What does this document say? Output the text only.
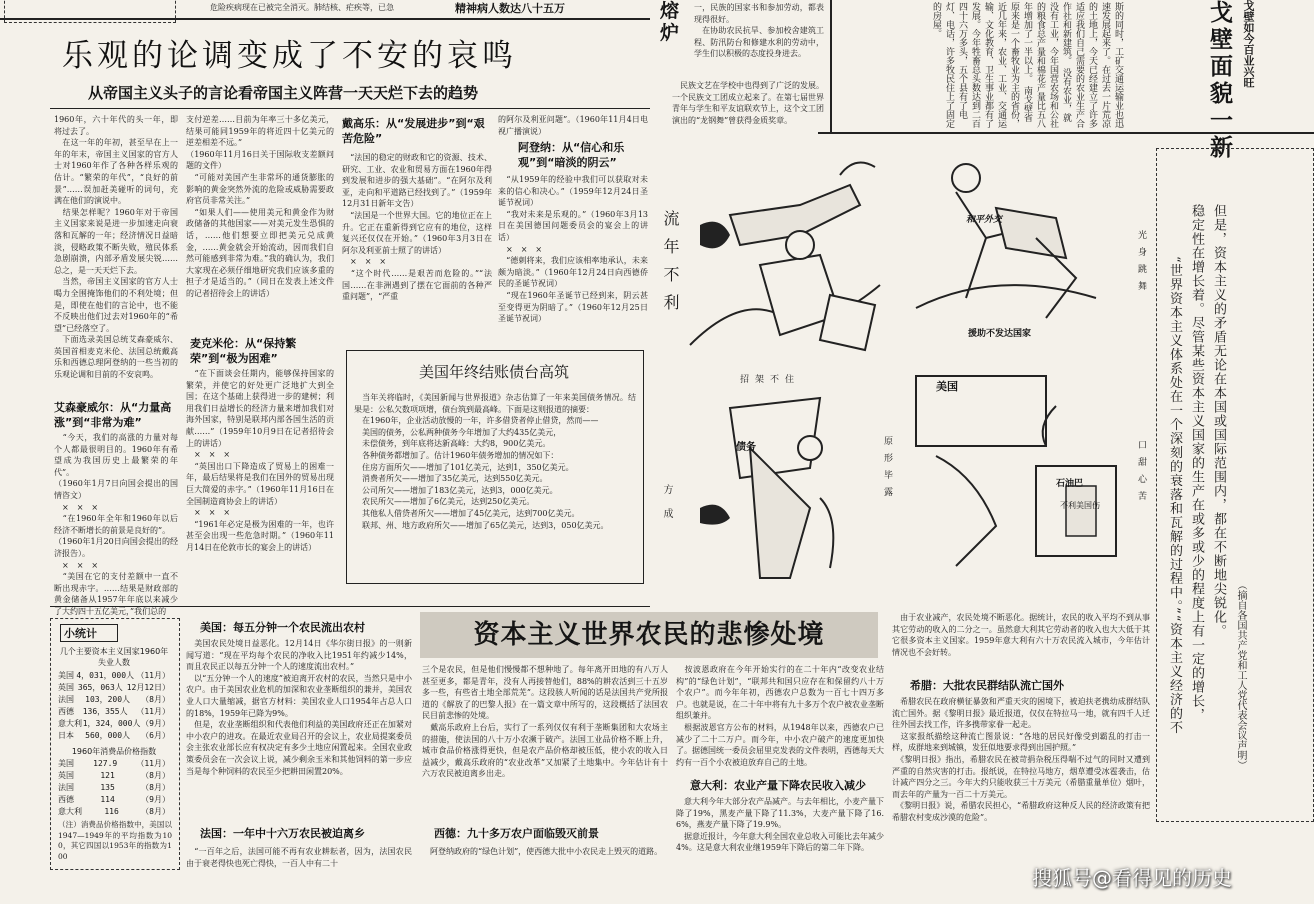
危险疾病现在已被完全消灭。肺结核、疟疾等，已急	精神病人数达八十五万
乐观的论调变成了不安的哀鸣
从帝国主义头子的言论看帝国主义阵营一天天烂下去的趋势
1960年，六十年代的头一年，即将过去了。
　在这一年的年初，甚至早在上一年的年末，帝国主义国家的官方人士对1960年作了各种各样乐观的估计。“繁荣的年代”，“良好的前景”……误加赶美碰听的词句，充满在他们的演说中。
　结果怎样呢？1960年对于帝国主义国家来说是进一步加速走向衰落和瓦解的一年；经济情况日益暗淡，侵略政策不断失败，殖民体系急剧崩溃，内部矛盾发展尖锐……总之，是一天天烂下去。
　当然，帝国主义国家的官方人士喝力全围掩饰他们的不利处境；但是，即使在他们的言论中，也不能不反映出他们过去对1960年的“希望”已经落空了。
　下面选录美国总统艾森豪威尔、英国首相麦克米伦、法国总统戴高乐和西德总理阿登纳的一些当初的乐观论调和目前的不安哀鸣。
艾森豪威尔：从“力量高涨”到“非常为难”
　“今天，我们的高涨的力量对每个人都最很明目的。1960年有希望成为我国历史上最繁荣的年代”。
（1960年1月7日向国会提出的国情咨文）
　×　×　×
　“在1960年全年和1960年以后经济不断增长的前景是良好的”。
（1960年1月20日向国会提出的经济报告）。
　×　×　×
　“美国在它的支付差额中一直不断出现赤字。……结果是财政部的黄金储备从1957年年底以来减少了大约四十五亿美元，”我们总的
支付逆差……目前为年率三十多亿美元，结果可能同1959年的将近四十亿美元的逆差相差不远。”
（1960年11月16日关于国际收支差额问题的文件）
　“可能对美国产生非常坏的通货膨胀的影响的黄金突然外流的危险或威胁需要政府官员非常关注。”
　“如果人们——使用美元和黄金作为财政储备的其他国家——对美元发生恐惧的话，……他们想要立即把美元兑成黄金，……黄金就会开始流动，因而我们自然可能感到非常为难。”我的确认为，我们大家现在必须仔细地研究我们应该多重的担子才是适当的。”（同日在发表上述文件的记者招待会上的讲话）
麦克米伦：从“保持繁荣”到“极为困难”
　“在下面谈会任期内，能够保持国家的繁荣，并使它的好处更广泛地扩大到全国；在这个基础上获得进一步的建树；利用我们日益增长的经济力量来增加我们对海外国家，特别是联邦内部各国生活的贡献……”（1959年10月9日在记者招待会上的讲话）
　×　×　×
　“英国出口下降造成了贸易上的困难一年，最后结果将是我们在国外的贸易出现巨大简爱的赤字。”（1960年11月16日在全国制造商协会上的讲话）
　×　×　×
　“1961年必定是极为困难的一年，也许甚至会出现一些危急时期。”（1960年11月14日在伦敦市长的宴会上的讲话）
戴高乐：从“发展进步”到“艰苦危险”
　“法国的稳定的财政和它的资源、技术、研究、工业、农业和贸易方面在1960年得到发展和进步的强大基础”。“在阿尔及利亚，走向和平道路已经找到了。”（1959年12月31日新年文告）
　“法国是一个世界大国。它的地位正在上升。它正在重新得到它应有的地位，这样复兴还仅仅在开始。”（1960年3月3日在阿尔及利亚前士照了的讲话）
　×　×　×
　“这个时代……是艰苦而危险的。”“法国……在非洲遇到了摆在它面前的各种严重问题”，“严重
的阿尔及利亚问题”。（1960年11月4日电视广播演说）
阿登纳：从“信心和乐观”到“暗淡的阴云”
　“从1959年的经验中我们可以获取对未来的信心和决心。”（1959年12月24日圣诞节祝词）
　“我对未来是乐观的。”（1960年3月13日在美国德国问题委员会的宴会上的讲话）
　×　×　×
　“德刺将来，我们应该相率地承认，未来颇为暗淡。”（1960年12月24日向西德侨民的圣诞节祝词）
　“现在1960年圣诞节已经到来，阴云甚至变得更为阴暗了。”（1960年12月25日圣诞节祝词）
美国年终结账债台高筑
　当年关将临时，《美国新闻与世界报道》杂志估算了一年来美国债务情况。结果是：公私欠数项项增，债台筑到最高峰。下面是这则报道的摘要：
　在1960年，企业活动放慢的一年，许多借贷者停止借贷，然而——
　美国的债务，公私两种债务今年增加了大约435亿美元，
　未偿债务，到年底将达新高峰：大约8，900亿美元。
　各种债务都增加了。估计1960年债务增加的情况如下：
　住房方面所欠——增加了101亿美元，达到1，350亿美元。
　消费者所欠——增加了35亿美元，达到550亿美元。
　公司所欠——增加了183亿美元，达到3，000亿美元。
　农民所欠——增加了6亿美元，达到250亿美元。
　其他私人借贷者所欠——增加了45亿美元，达到700亿美元。
　联邦、州、地方政府所欠——增加了65亿美元，达到3，050亿美元。
熔炉
一，民族的国家书和参加劳动，都表现得很好。
　在协助农民抗旱、参加校舍建筑工程、防汛防台和修建水利的劳动中，学生们以积极的态度投身进去。
　民族文艺在学校中也得到了广泛的发展。一个民族文工团成立起来了。在第七届世界青年与学生和平友谊联欢节上，这个文工团演出的“龙钢舞”曾获得金质奖章。	斯的同时，工矿交通运输业也迅速发展起来了。在过去一片荒凉的土地上，今天已经建立了许多适应我们自己需要的农业生产合作社和新建筑。 没有农业，就没有工业，今年国营农场和公社的粮食总产量和棉花产量比五八年增加了一半以上。 南戈壁省原来是一个畜牧业为主的省份，近几年来，农业、工业、交通运输、文化教育、卫生事业都有了发展。今年牲畜总头数达到二百四十六万多头，五个县有了电灯、电话，许多牧民住上了固定的房屋。	戈壁面貌一新
戈壁如今百业兴旺
流年不利
招架不住
债务
方成
和平外交
援助不发达国家
光身跳舞
美国
石油巴
不利美国伤
原形毕露	口甜心苦
（摘自各国共产党和工人党代表会议声明）
但是，资本主义的矛盾无论在本国或国际范围内，都在不断地尖锐化。
稳定性在增长着。尽管某些资本主义国家的生产在或多或少的程度上有一定的增长，
“世界资本主义体系处在一个深刻的衰落和瓦解的过程中。”“资本主义经济的不
小统计
几个主要资本主义国家1960年失业人数
美国 4，031，000人 （11月）
英国 365，063人 12月12日）
法国 103，200人 （8月）
西德 136，355人 （11月）
意大利 1，324，000人 （9月）
日本 560，000人 （6月）
1960年消费品价格指数
美国 127.9 （11月）
英国	121	（8月）
法国	135	（8月）
西德	114	（9月）
意大利	116	（8月）
（注）消费品价格指数中，美国以1947—1949年的平均指数为100，其它四国以1953年的指数为100
资本主义世界农民的悲惨处境
美国：每五分钟一个农民流出农村
　美国农民处境日益恶化。12月14日《华尔街日报》的一则新闻写道：“现在平均每个农民的净收入比1951年约减少14%，而且农民正以每五分钟一个人的速度流出农村。”
　以“五分钟一个人的速度”被迫离开农村的农民，当然只是中小农户。由于美国农业危机的加深和农业垄断组织的兼并，美国农业人口大量缩减，据官方材料：美国农业人口1954年占总人口的18%，1959年已降为9%。
　但是，农业垄断组织和代表他们利益的美国政府还正在加紧对中小农户的进攻。在最近农业局召开的会议上，农业局提案委员会主张农业部长应有权决定有多少土地应闲置起来。全国农业政策委员会在一次会议上说，减少剩余玉米和其他饲料的第一步应当是每个种饲料的农民至少把耕田闲置20%。
法国：一年中十六万农民被迫离乡
　“一百年之后，法国可能不再有农业耕耘者，因为，法国农民由于衰老得快也死亡得快，一百人中有二十
三个是农民，但是他们慢慢都不想种地了。每年离开田地的有八万人甚至更多，都是青年，没有人再接替他们，88%的耕农活到三十五岁多一些，有些省土地全部荒芜”。这段骇人听闻的话是法国共产党所报道的《解放了的巴黎人报》在一篇文章中所写的，这段概括了法国农民目前悲惨的处境。
　戴高乐政府上台后，实行了一系列仅仅有利于垄断集团和大农场主的措施，使法国的八十万小农濒于破产。法国工业品价格不断上升，城市食品价格涨得更快，但是农产品价格却被压低，使小农的收入日益减少，戴高乐政府的“农业改革”又加紧了土地集中。今年估计有十六万农民被迫离乡出走。
西德：九十多万农户面临毁灭前景
　阿登纳政府的“绿色计划”，使西德大批中小农民走上毁灭的道路。
　按波恩政府在今年开始实行的在二十年内“改变农业结构”的“绿色计划”，“联邦共和国只应存在和保留约八十万个农户”。而今年年初，西德农户总数为一百七十四万多户。也就是说，在二十年中将有九十多万个农户被农业垄断组织兼并。
　根据波恩官方公布的材料，从1948年以来，西德农户已减少了二十二万户。而今年，中小农户破产的速度更加快了。据德国统一委员会屈里克发表的文件表明，西德每天大约有一百个小农被迫放弃自己的土地。
意大利：农业产量下降农民收入减少
　意大利今年大部分农产品减产。与去年相比，小麦产量下降了19%，黑麦产量下降了11.3%，大麦产量下降了16.6%，燕麦产量下降了19.9%。
　据意近报计，今年意大利全国农业总收入可能比去年减少4%。这是意大利农业继1959年下降后的第二年下降。
　由于农业减产，农民处境不断恶化。据统计，农民的收入平均不到从事其它劳动的收入的二分之一。虽然意大利其它劳动者的收入也大大低于其它很多资本主义国家。1959年意大利有六十万农民流入城市，今年估计情况也不会好转。
希腊：大批农民群结队流亡国外
　希腊农民在政府横征暴敛和严重天灾的困境下，被迫扶老携幼成群结队流亡国外。据《黎明日报》最近报道，仅仅在特拉马一地，就有四千人迁往外国去找工作，许多携带家眷一起走。
　这家报纸描绘这种流亡图景说：“各地的居民好像受到霸乱的打击一样，成群地来到城镇，发狂似地要求得到出国护照。”
　《黎明日报》指出，希腊农民在被苛捐杂税压得喘不过气的同时又遭到严重的自然灾害的打击。报纸说，在特拉马地方，烟草遭受冰雹袭击，估计减产四分之三。今年大约只能收获三十万美元（希腊重量单位）烟叶，而去年的产量为一百二十万美元。
　《黎明日报》说，希腊农民担心，“希腊政府这种反人民的经济政策有把希腊农村变成沙漠的危险”。
搜狐号@看得见的历史
